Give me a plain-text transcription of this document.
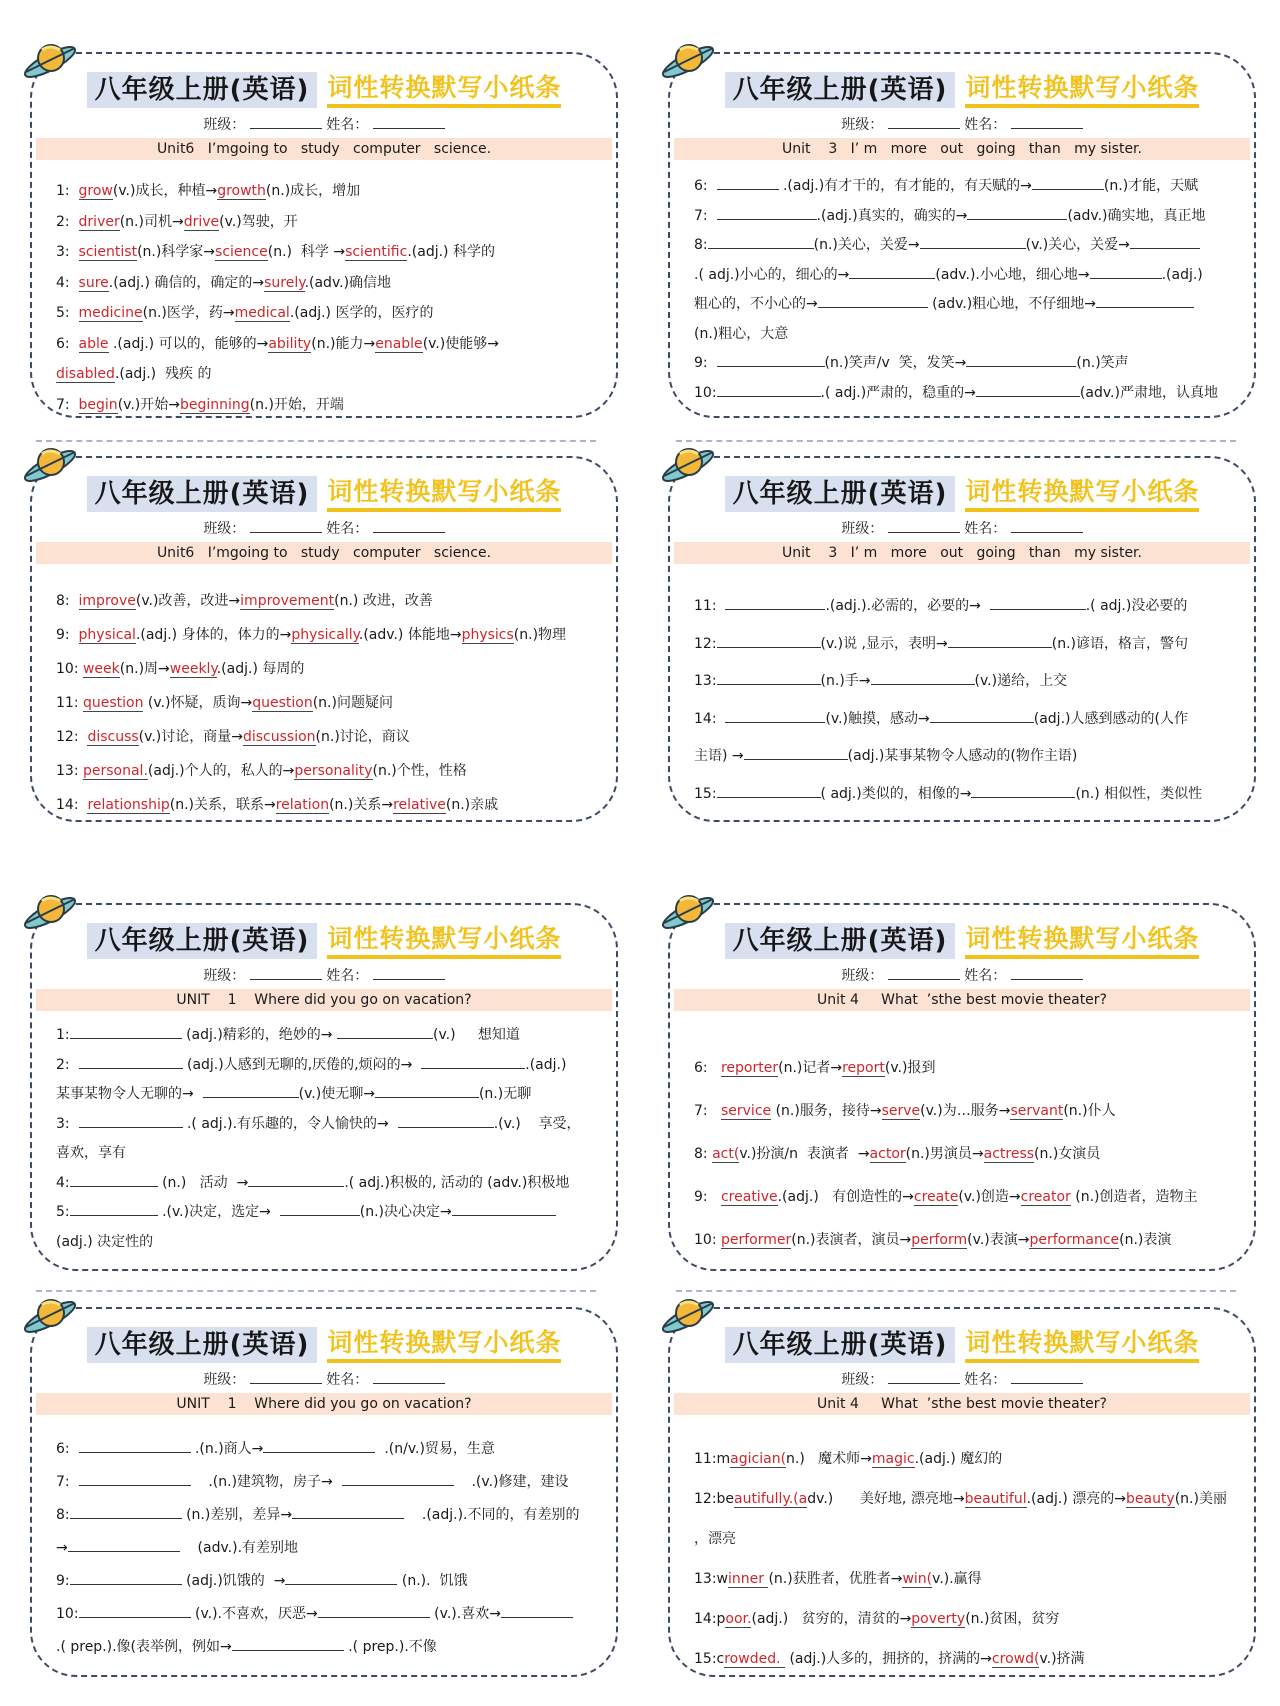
八年级上册(英语) 词性转换默写小纸条
班级：	姓名：
Unit6   I’mgoing to   study   computer   science.
1:  grow(v.)成长，种植→growth(n.)成长，增加
2:  driver(n.)司机→drive(v.)驾驶，开
3:  scientist(n.)科学家→science(n.)  科学 →scientific.(adj.) 科学的
4:  sure.(adj.) 确信的，确定的→surely.(adv.)确信地
5:  medicine(n.)医学，药→medical.(adj.) 医学的，医疗的
6:  able .(adj.) 可以的，能够的→ability(n.)能力→enable(v.)使能够→
disabled.(adj.)  残疾 的
7:  begin(v.)开始→beginning(n.)开始，开端
八年级上册(英语) 词性转换默写小纸条
班级：	姓名：
Unit    3   I’ m   more   out   going   than   my sister.
6:	.(adj.)有才干的，有才能的，有天赋的→	(n.)才能，天赋
7:	.(adj.)真实的，确实的→	(adv.)确实地，真正地
8:	(n.)关心，关爱→	(v.)关心，关爱→
.( adj.)小心的，细心的→	(adv.).小心地，细心地→	.(adj.)
粗心的，不小心的→	(adv.)粗心地，不仔细地→
(n.)粗心，大意
9:	(n.)笑声/v  笑，发笑→	(n.)笑声
10:	.( adj.)严肃的，稳重的→	(adv.)严肃地，认真地
八年级上册(英语) 词性转换默写小纸条
班级：	姓名：
Unit6   I’mgoing to   study   computer   science.
8:  improve(v.)改善，改进→improvement(n.) 改进，改善
9:  physical.(adj.) 身体的，体力的→physically.(adv.) 体能地→physics(n.)物理
10: week(n.)周→weekly.(adj.) 每周的
11: question (v.)怀疑，质询→question(n.)问题疑问
12:  discuss(v.)讨论，商量→discussion(n.)讨论，商议
13: personal.(adj.)个人的，私人的→personality(n.)个性，性格
14:  relationship(n.)关系，联系→relation(n.)关系→relative(n.)亲戚
八年级上册(英语) 词性转换默写小纸条
班级：	姓名：
Unit    3   I’ m   more   out   going   than   my sister.
11:	.(adj.).必需的，必要的→	.( adj.)没必要的
12:	(v.)说 ,显示，表明→	(n.)谚语，格言，警句
13:	(n.)手→	(v.)递给，上交
14:	(v.)触摸，感动→	(adj.)人感到感动的(人作
主语) →	(adj.)某事某物令人感动的(物作主语)
15:	( adj.)类似的，相像的→	(n.) 相似性，类似性
八年级上册(英语) 词性转换默写小纸条
班级：	姓名：
UNIT    1    Where did you go on vacation?
1:	(adj.)精彩的，绝妙的→	(v.)     想知道
2:	(adj.)人感到无聊的,厌倦的,烦闷的→	.(adj.)
某事某物令人无聊的→	(v.)使无聊→	(n.)无聊
3:	.( adj.).有乐趣的，令人愉快的→	.(v.)    享受，
喜欢，享有
4:	(n.)   活动  →	.( adj.)积极的, 活动的 (adv.)积极地
5:	.(v.)决定，选定→	(n.)决心决定→
(adj.) 决定性的
八年级上册(英语) 词性转换默写小纸条
班级：	姓名：
Unit 4     What  ’sthe best movie theater?
6:   reporter(n.)记者→report(v.)报到
7:   service (n.)服务，接待→serve(v.)为…服务→servant(n.)仆人
8: act(v.)扮演/n  表演者  →actor(n.)男演员→actress(n.)女演员
9:   creative.(adj.)   有创造性的→create(v.)创造→creator (n.)创造者，造物主
10: performer(n.)表演者，演员→perform(v.)表演→performance(n.)表演
八年级上册(英语) 词性转换默写小纸条
班级：	姓名：
UNIT    1    Where did you go on vacation?
6:	.(n.)商人→	.(n/v.)贸易，生意
7:	.(n.)建筑物，房子→	.(v.)修建，建设
8:	(n.)差别，差异→	.(adj.).不同的，有差别的
→	(adv.).有差别地
9:	(adj.)饥饿的  →	(n.).  饥饿
10:	(v.).不喜欢，厌恶→	(v.).喜欢→
.( prep.).像(表举例，例如→	.( prep.).不像
八年级上册(英语) 词性转换默写小纸条
班级：	姓名：
Unit 4     What  ’sthe best movie theater?
11:magician(n.)   魔术师→magic.(adj.) 魔幻的
12:beautifully.(adv.)      美好地, 漂亮地→beautiful.(adj.) 漂亮的→beauty(n.)美丽
，漂亮
13:winner (n.)获胜者，优胜者→win(v.).赢得
14:poor.(adj.)   贫穷的，清贫的→poverty(n.)贫困，贫穷
15:crowded.  (adj.)人多的，拥挤的，挤满的→crowd(v.)挤满
